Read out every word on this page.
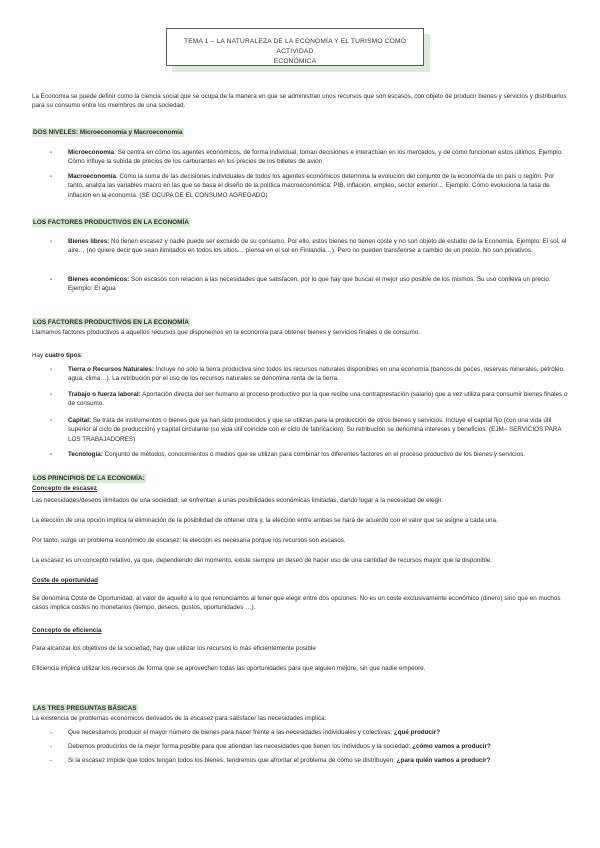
TEMA 1 – LA NATURALEZA DE LA ECONOMÍA Y EL TURISMO COMO ACTIVIDAD
ECONÓMICA

La Economía se puede definir como la ciencia social que se ocupa de la manera en que se administran unos recursos que son escasos, con objeto de producir bienes y servicios y distribuirlos para su consumo entre los miembros de una sociedad.

DOS NIVELES: Microeconomía y Macroeconomía

-	Microeconomía: Se centra en cómo los agentes económicos, de forma individual, toman decisiones e interactúan en los mercados, y de cómo funcionan estos últimos. Ejemplo: Cómo influye la subida de precios de los carburantes en los precios de los billetes de avión

-	Macroeconomía: Cómo la suma de las decisiones individuales de todos los agentes económicos determina la evolución del conjunto de la economía de un país o región. Por tanto, analiza las variables macro en las que se basa el diseño de la política macroeconómica: PIB, inflación, empleo, sector exterior… Ejemplo: Cómo evoluciona la tasa de inflación en la economía. (SE OCUPA DE EL CONSUMO AGREGADO)

LOS FACTORES PRODUCTIVOS EN LA ECONOMÍA

-	Bienes libres: No tienen escasez y nadie puede ser excluido de su consumo. Por ello, estos bienes no tienen coste y no son objeto de estudio de la Economía. Ejemplo: El sol, el aire… (no quiere decir que sean ilimitados en todos los sitios… piensa en el sol en Finlandia…). Pero no pueden transferirse a cambio de un precio. No son privativos.

-	Bienes económicos: Son escasos con relación a las necesidades que satisfacen, por lo que hay que buscar el mejor uso posible de los mismos. Su uso conlleva un precio. Ejemplo: El agua

LOS FACTORES PRODUCTIVOS EN LA ECONOMÍA

Llamamos factores productivos a aquellos recursos que disponemos en la economía para obtener bienes y servicios finales o de consumo.

Hay cuatro tipos:

-	Tierra o Recursos Naturales: Incluye no sólo la tierra productiva sino todos los recursos naturales disponibles en una economía (bancos de peces, reservas minerales, petróleo, agua, clima…). La retribución por el uso de los recursos naturales se denomina renta de la tierra.

-	Trabajo o fuerza laboral: Aportación directa del ser humano al proceso productivo por la que recibe una contraprestación (salario) que a vez utiliza para consumir bienes finales o de consumo.

-	Capital: Se trata de instrumentos o bienes que ya han sido producidos y que se utilizan para la producción de otros bienes y servicios. Incluye el capital fijo (con una vida útil superior al ciclo de producción) y capital circulante (su vida útil coincide con el ciclo de fabricación). Su retribución se denomina intereses y beneficios. (EJM– SERVICIOS PARA LOS TRABAJADORES)

-	Tecnología: Conjunto de métodos, conocimientos o medios que se utilizan para combinar los diferentes factores en el proceso productivo de los bienes y servicios.

LOS PRINCIPIOS DE LA ECONOMÍA:

Concepto de escasez

Las necesidades/deseos ilimitados de una sociedad, se enfrentan a unas posibilidades económicas limitadas, dando lugar a la necesidad de elegir.

La elección de una opción implica la eliminación de la posibilidad de obtener otra y, la elección entre ambas se hará de acuerdo con el valor que se asigne a cada una.

Por tanto, surge un problema económico de escasez: la elección es necesaria porque los recursos son escasos.

La escasez es un concepto relativo, ya que, dependiendo del momento, existe siempre un deseo de hacer uso de una cantidad de recursos mayor que la disponible.

Coste de oportunidad

Se denomina Coste de Oportunidad, al valor de aquello a lo que renunciamos al tener que elegir entre dos opciones. No es un coste exclusivamente económico (dinero) sino que en muchos casos implica costes no monetarios (tiempo, deseos, gustos, oportunidades …).

Concepto de eficiencia

Para alcanzar los objetivos de la sociedad, hay que utilizar los recursos lo más eficientemente posible

Eficiencia implica utilizar los recursos de forma que se aprovechen todas las oportunidades para que alguien mejore, sin que nadie empeore.

LAS TRES PREGUNTAS BÁSICAS

La existencia de problemas económicos derivados de la escasez para satisfacer las necesidades implica:

-	Que necesitamos producir el mayor número de bienes para hacer frente a las necesidades individuales y colectivas: ¿qué producir?

-	Debemos producirlos de la mejor forma posible para que atiendan las necesidades que tienen los individuos y la sociedad: ¿cómo vamos a producir?

-	Si la escasez impide que todos tengan todos los bienes, tendremos que afrontar el problema de cómo se distribuyen: ¿para quién vamos a producir?
